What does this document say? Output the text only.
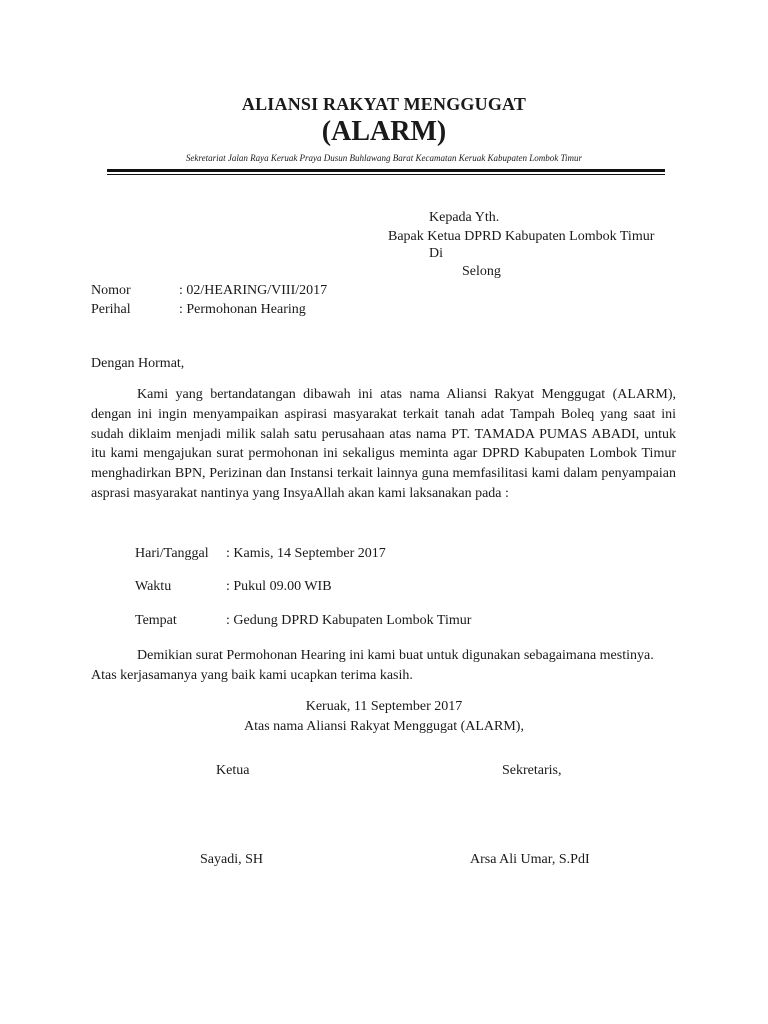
ALIANSI RAKYAT MENGGUGAT
(ALARM)
Sekretariat Jalan Raya Keruak Praya Dusun Buhlawang Barat Kecamatan Keruak Kabupaten Lombok Timur
Kepada Yth.
Bapak Ketua DPRD Kabupaten Lombok Timur
Di
Selong
Nomor	: 02/HEARING/VIII/2017
Perihal	: Permohonan Hearing
Dengan Hormat,
Kami yang bertandatangan dibawah ini atas nama Aliansi Rakyat Menggugat (ALARM), dengan ini ingin menyampaikan aspirasi masyarakat terkait tanah adat Tampah Boleq yang saat ini sudah diklaim menjadi milik salah satu perusahaan atas nama PT. TAMADA PUMAS ABADI, untuk itu kami mengajukan surat permohonan ini sekaligus meminta agar DPRD Kabupaten Lombok Timur menghadirkan BPN, Perizinan dan Instansi terkait lainnya guna memfasilitasi kami dalam penyampaian asprasi masyarakat nantinya yang InsyaAllah akan kami laksanakan pada :
Hari/Tanggal : Kamis, 14 September 2017
Waktu	: Pukul 09.00 WIB
Tempat	: Gedung DPRD Kabupaten Lombok Timur
Demikian surat Permohonan Hearing ini kami buat untuk digunakan sebagaimana mestinya. Atas kerjasamanya yang baik kami ucapkan terima kasih.
Keruak, 11 September 2017
Atas nama Aliansi Rakyat Menggugat (ALARM),
Ketua	Sekretaris,
Sayadi, SH	Arsa Ali Umar, S.PdI
